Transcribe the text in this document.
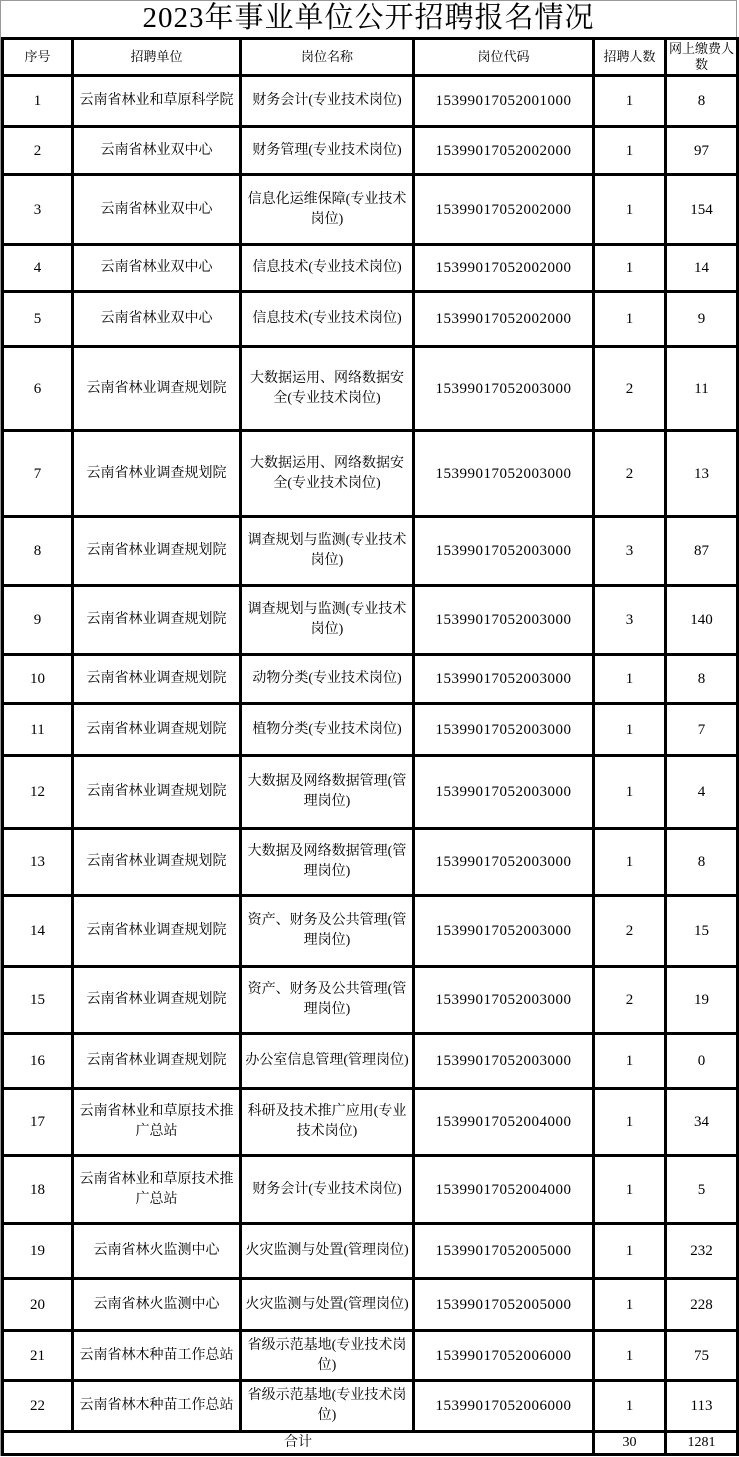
2023年事业单位公开招聘报名情况
序号	招聘单位	岗位名称	岗位代码	招聘人数	网上缴费人数
1	云南省林业和草原科学院	财务会计(专业技术岗位)	15399017052001000	1	8
2	云南省林业双中心	财务管理(专业技术岗位)	15399017052002000	1	97
3	云南省林业双中心	信息化运维保障(专业技术岗位)	15399017052002000	1	154
4	云南省林业双中心	信息技术(专业技术岗位)	15399017052002000	1	14
5	云南省林业双中心	信息技术(专业技术岗位)	15399017052002000	1	9
6	云南省林业调查规划院	大数据运用、网络数据安全(专业技术岗位)	15399017052003000	2	11
7	云南省林业调查规划院	大数据运用、网络数据安全(专业技术岗位)	15399017052003000	2	13
8	云南省林业调查规划院	调查规划与监测(专业技术岗位)	15399017052003000	3	87
9	云南省林业调查规划院	调查规划与监测(专业技术岗位)	15399017052003000	3	140
10	云南省林业调查规划院	动物分类(专业技术岗位)	15399017052003000	1	8
11	云南省林业调查规划院	植物分类(专业技术岗位)	15399017052003000	1	7
12	云南省林业调查规划院	大数据及网络数据管理(管理岗位)	15399017052003000	1	4
13	云南省林业调查规划院	大数据及网络数据管理(管理岗位)	15399017052003000	1	8
14	云南省林业调查规划院	资产、财务及公共管理(管理岗位)	15399017052003000	2	15
15	云南省林业调查规划院	资产、财务及公共管理(管理岗位)	15399017052003000	2	19
16	云南省林业调查规划院	办公室信息管理(管理岗位)	15399017052003000	1	0
17	云南省林业和草原技术推广总站	科研及技术推广应用(专业技术岗位)	15399017052004000	1	34
18	云南省林业和草原技术推广总站	财务会计(专业技术岗位)	15399017052004000	1	5
19	云南省林火监测中心	火灾监测与处置(管理岗位)	15399017052005000	1	232
20	云南省林火监测中心	火灾监测与处置(管理岗位)	15399017052005000	1	228
21	云南省林木种苗工作总站	省级示范基地(专业技术岗位)	15399017052006000	1	75
22	云南省林木种苗工作总站	省级示范基地(专业技术岗位)	15399017052006000	1	113
合计				30	1281
